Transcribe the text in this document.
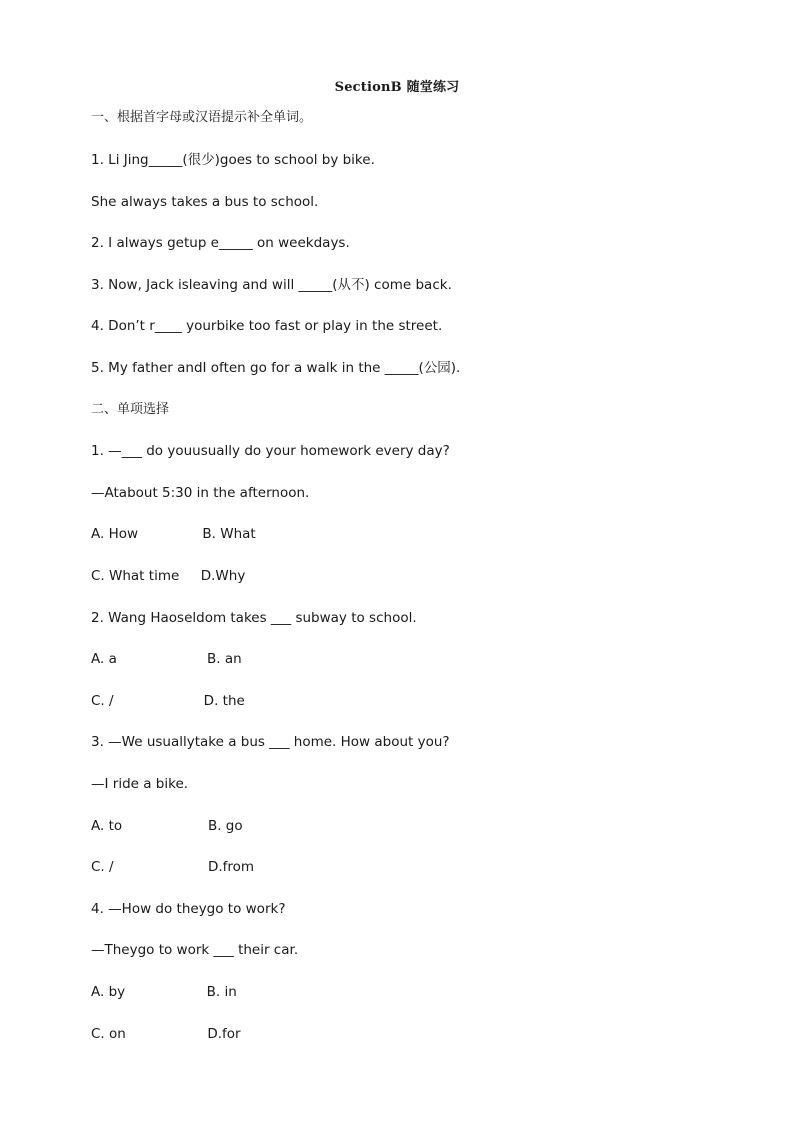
SectionB 随堂练习
一、根据首字母或汉语提示补全单词。
1. Li Jing_____(很少)goes to school by bike.
She always takes a bus to school.
2. I always getup e_____ on weekdays.
3. Now, Jack isleaving and will _____(从不) come back.
4. Don’t r____ yourbike too fast or play in the street.
5. My father andI often go for a walk in the _____(公园).
二、单项选择
1. —___ do youusually do your homework every day?
—Atabout 5:30 in the afternoon.
A. How               B. What
C. What time     D.Why
2. Wang Haoseldom takes ___ subway to school.
A. a                     B. an
C. /                     D. the
3. —We usuallytake a bus ___ home. How about you?
—I ride a bike.
A. to                    B. go
C. /                      D.from
4. —How do theygo to work?
—Theygo to work ___ their car.
A. by                   B. in
C. on                   D.for
